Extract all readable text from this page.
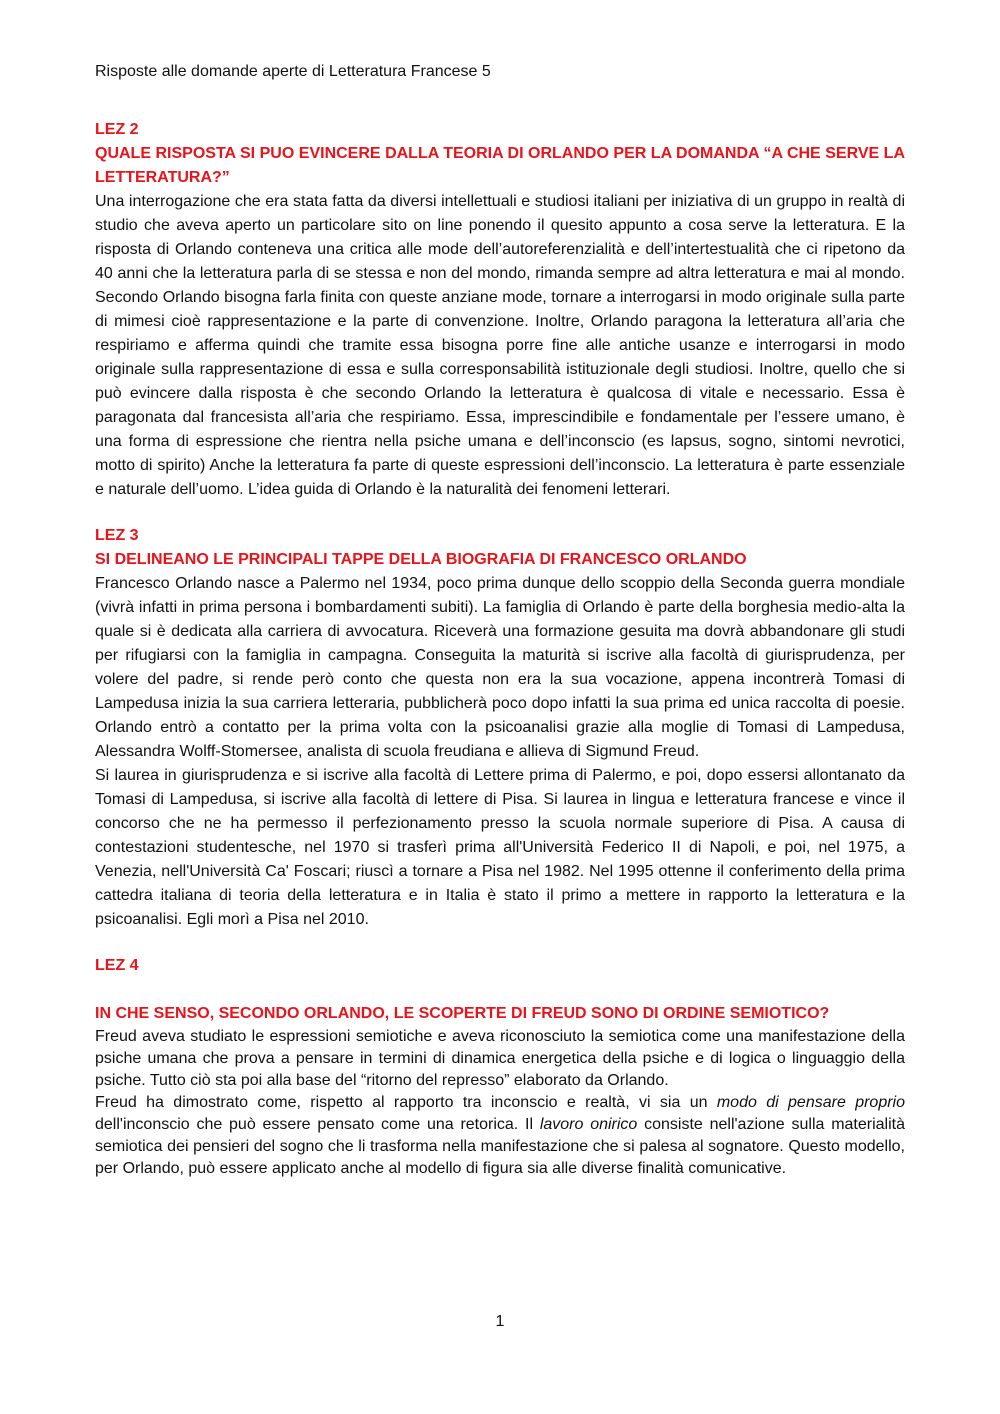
Risposte alle domande aperte di Letteratura Francese 5

LEZ 2

QUALE RISPOSTA SI PUO EVINCERE DALLA TEORIA DI ORLANDO PER LA DOMANDA “A CHE SERVE LA LETTERATURA?”

Una interrogazione che era stata fatta da diversi intellettuali e studiosi italiani per iniziativa di un gruppo in realtà di studio che aveva aperto un particolare sito on line ponendo il quesito appunto a cosa serve la letteratura. E la risposta di Orlando conteneva una critica alle mode dell’autoreferenzialità e dell’intertestualità che ci ripetono da 40 anni che la letteratura parla di se stessa e non del mondo, rimanda sempre ad altra letteratura e mai al mondo. Secondo Orlando bisogna farla finita con queste anziane mode, tornare a interrogarsi in modo originale sulla parte di mimesi cioè rappresentazione e la parte di convenzione. Inoltre, Orlando paragona la letteratura all’aria che respiriamo e afferma quindi che tramite essa bisogna porre fine alle antiche usanze e interrogarsi in modo originale sulla rappresentazione di essa e sulla corresponsabilità istituzionale degli studiosi. Inoltre, quello che si può evincere dalla risposta è che secondo Orlando la letteratura è qualcosa di vitale e necessario. Essa è paragonata dal francesista all’aria che respiriamo. Essa, imprescindibile e fondamentale per l’essere umano, è una forma di espressione che rientra nella psiche umana e dell’inconscio (es lapsus, sogno, sintomi nevrotici, motto di spirito) Anche la letteratura fa parte di queste espressioni dell’inconscio. La letteratura è parte essenziale e naturale dell’uomo. L’idea guida di Orlando è la naturalità dei fenomeni letterari.

LEZ 3

SI DELINEANO LE PRINCIPALI TAPPE DELLA BIOGRAFIA DI FRANCESCO ORLANDO

Francesco Orlando nasce a Palermo nel 1934, poco prima dunque dello scoppio della Seconda guerra mondiale (vivrà infatti in prima persona i bombardamenti subiti). La famiglia di Orlando è parte della borghesia medio-alta la quale si è dedicata alla carriera di avvocatura. Riceverà una formazione gesuita ma dovrà abbandonare gli studi per rifugiarsi con la famiglia in campagna. Conseguita la maturità si iscrive alla facoltà di giurisprudenza, per volere del padre, si rende però conto che questa non era la sua vocazione, appena incontrerà Tomasi di Lampedusa inizia la sua carriera letteraria, pubblicherà poco dopo infatti la sua prima ed unica raccolta di poesie. Orlando entrò a contatto per la prima volta con la psicoanalisi grazie alla moglie di Tomasi di Lampedusa, Alessandra Wolff-Stomersee, analista di scuola freudiana e allieva di Sigmund Freud.

Si laurea in giurisprudenza e si iscrive alla facoltà di Lettere prima di Palermo, e poi, dopo essersi allontanato da Tomasi di Lampedusa, si iscrive alla facoltà di lettere di Pisa. Si laurea in lingua e letteratura francese e vince il concorso che ne ha permesso il perfezionamento presso la scuola normale superiore di Pisa. A causa di contestazioni studentesche, nel 1970 si trasferì prima all'Università Federico II di Napoli, e poi, nel 1975, a Venezia, nell'Università Ca' Foscari; riuscì a tornare a Pisa nel 1982. Nel 1995 ottenne il conferimento della prima cattedra italiana di teoria della letteratura e in Italia è stato il primo a mettere in rapporto la letteratura e la psicoanalisi. Egli morì a Pisa nel 2010.

LEZ 4

IN CHE SENSO, SECONDO ORLANDO, LE SCOPERTE DI FREUD SONO DI ORDINE SEMIOTICO?

Freud aveva studiato le espressioni semiotiche e aveva riconosciuto la semiotica come una manifestazione della psiche umana che prova a pensare in termini di dinamica energetica della psiche e di logica o linguaggio della psiche. Tutto ciò sta poi alla base del “ritorno del represso” elaborato da Orlando.

Freud ha dimostrato come, rispetto al rapporto tra inconscio e realtà, vi sia un modo di pensare proprio dell'inconscio che può essere pensato come una retorica. Il lavoro onirico consiste nell'azione sulla materialità semiotica dei pensieri del sogno che li trasforma nella manifestazione che si palesa al sognatore. Questo modello, per Orlando, può essere applicato anche al modello di figura sia alle diverse finalità comunicative.

1
